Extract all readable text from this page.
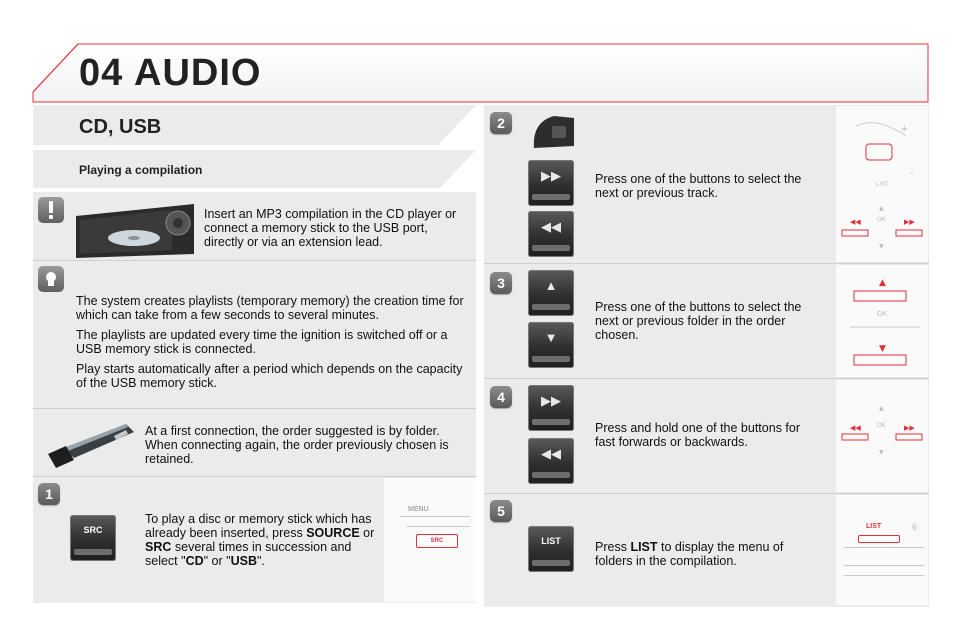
04 AUDIO
CD, USB
Playing a compilation
Insert an MP3 compilation in the CD player or connect a memory stick to the USB port, directly or via an extension lead.

The system creates playlists (temporary memory) the creation time for which can take from a few seconds to several minutes.

The playlists are updated every time the ignition is switched off or a USB memory stick is connected.

Play starts automatically after a period which depends on the capacity of the USB memory stick.

At a first connection, the order suggested is by folder. When connecting again, the order previously chosen is retained.
1
SRC
To play a disc or memory stick which has already been inserted, press SOURCE or SRC several times in succession and select "CD" or "USB".
MENU
SRC
2
▶▶
◀◀
Press one of the buttons to select the next or previous track.
+
-
◀◀	▶▶
▲
▼
LIST
OK
3	▲
▼
Press one of the buttons to select the next or previous folder in the order chosen.
▲
▼
OK
4	▶▶
◀◀
Press and hold one of the buttons for fast forwards or backwards.
▲
◀◀	▶▶
▼
OK
5
LIST	Press LIST to display the menu of folders in the compilation.
LIST	6
